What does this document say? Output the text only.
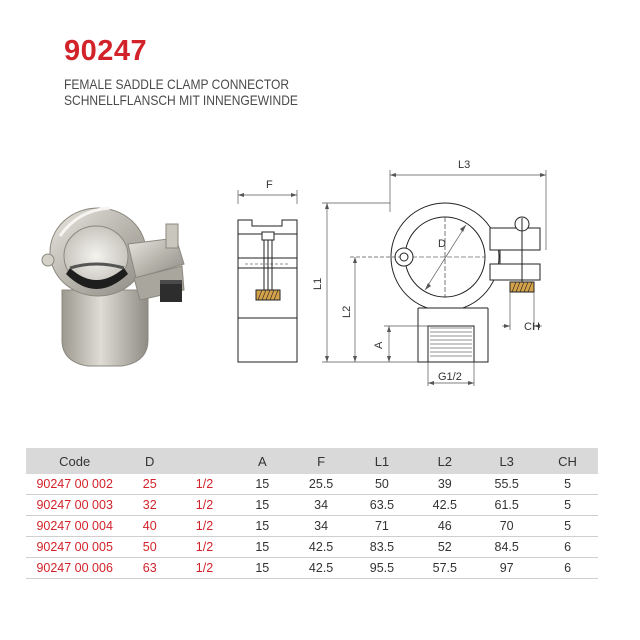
90247
FEMALE SADDLE CLAMP CONNECTOR
SCHNELLFLANSCH MIT INNENGEWINDE
F
L3
D
CH
G1/2
L1
L2
A
Code	D		A	F	L1	L2	L3	CH
90247 00 002	25	1/2	15	25.5	50	39	55.5	5
90247 00 003	32	1/2	15	34	63.5	42.5	61.5	5
90247 00 004	40	1/2	15	34	71	46	70	5
90247 00 005	50	1/2	15	42.5	83.5	52	84.5	6
90247 00 006	63	1/2	15	42.5	95.5	57.5	97	6
